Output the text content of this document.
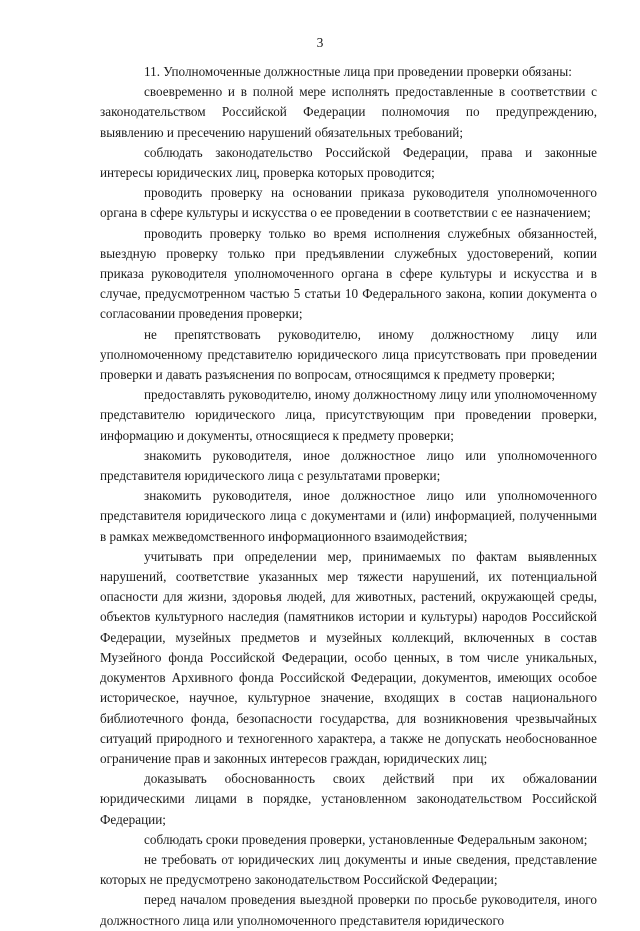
3

11. Уполномоченные должностные лица при проведении проверки обязаны:

своевременно и в полной мере исполнять предоставленные в соответствии с законодательством Российской Федерации полномочия по предупреждению, выявлению и пресечению нарушений обязательных требований;

соблюдать законодательство Российской Федерации, права и законные интересы юридических лиц, проверка которых проводится;

проводить проверку на основании приказа руководителя уполномоченного органа в сфере культуры и искусства о ее проведении в соответствии с ее назначением;

проводить проверку только во время исполнения служебных обязанностей, выездную проверку только при предъявлении служебных удостоверений, копии приказа руководителя уполномоченного органа в сфере культуры и искусства и в случае, предусмотренном частью 5 статьи 10 Федерального закона, копии документа о согласовании проведения проверки;

не препятствовать руководителю, иному должностному лицу или уполномоченному представителю юридического лица присутствовать при проведении проверки и давать разъяснения по вопросам, относящимся к предмету проверки;

предоставлять руководителю, иному должностному лицу или уполномоченному представителю юридического лица, присутствующим при проведении проверки, информацию и документы, относящиеся к предмету проверки;

знакомить руководителя, иное должностное лицо или уполномоченного представителя юридического лица с результатами проверки;

знакомить руководителя, иное должностное лицо или уполномоченного представителя юридического лица с документами и (или) информацией, полученными в рамках межведомственного информационного взаимодействия;

учитывать при определении мер, принимаемых по фактам выявленных нарушений, соответствие указанных мер тяжести нарушений, их потенциальной опасности для жизни, здоровья людей, для животных, растений, окружающей среды, объектов культурного наследия (памятников истории и культуры) народов Российской Федерации, музейных предметов и музейных коллекций, включенных в состав Музейного фонда Российской Федерации, особо ценных, в том числе уникальных, документов Архивного фонда Российской Федерации, документов, имеющих особое историческое, научное, культурное значение, входящих в состав национального библиотечного фонда, безопасности государства, для возникновения чрезвычайных ситуаций природного и техногенного характера, а также не допускать необоснованное ограничение прав и законных интересов граждан, юридических лиц;

доказывать обоснованность своих действий при их обжаловании юридическими лицами в порядке, установленном законодательством Российской Федерации;

соблюдать сроки проведения проверки, установленные Федеральным законом;

не требовать от юридических лиц документы и иные сведения, представление которых не предусмотрено законодательством Российской Федерации;

перед началом проведения выездной проверки по просьбе руководителя, иного должностного лица или уполномоченного представителя юридического
